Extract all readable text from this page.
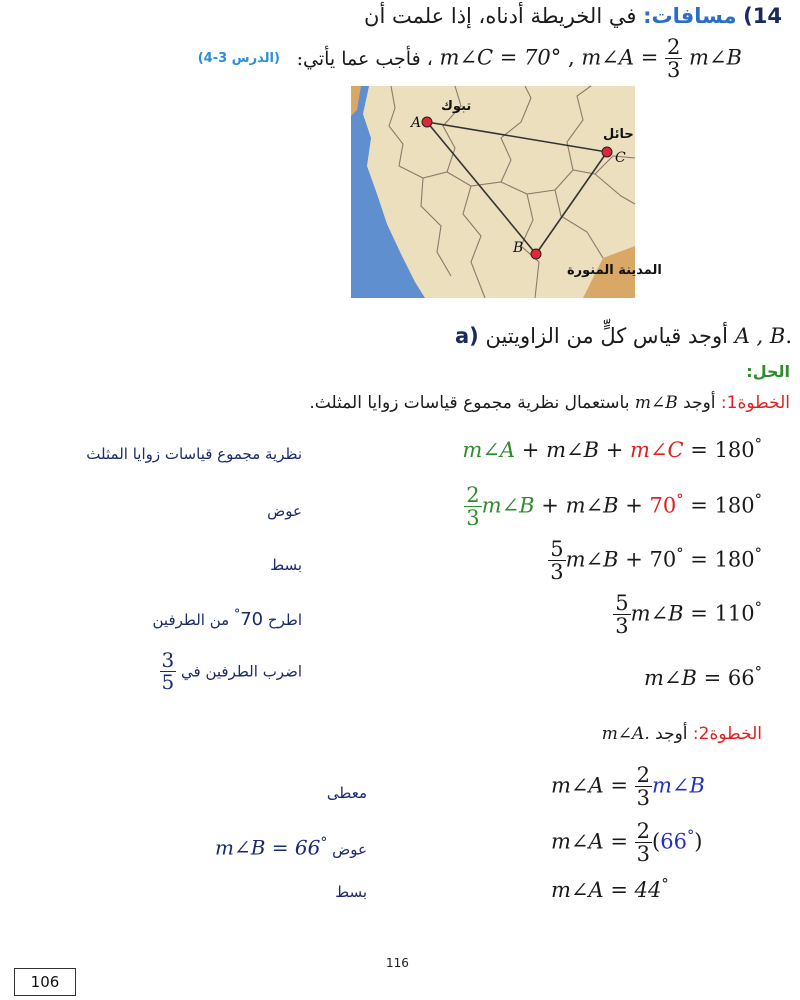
14) مسافات: في الخريطة أدناه، إذا علمت أن
(الدرس 3-4) ، فأجب عما يأتي: m∠C = 70° , m∠A = $\frac{2}{3}$ m∠B
تبوك
A
حائل
C
B
المدينة المنورة
a) أوجد قياس كلٍّ من الزاويتين A , B.
الحل:
الخطوة1: أوجد m∠B باستعمال نظرية مجموع قياسات زوايا المثلث.
m∠A + m∠B + m∠C = 180°
نظرية مجموع قياسات زوايا المثلث
$\frac{2}{3}$ m∠B + m∠B + 70° = 180°
عوض
$\frac{5}{3}$ m∠B + 70° = 180°
بسط
$\frac{5}{3}$ m∠B = 110°
اطرح °70 من الطرفين
m∠B = 66°
اضرب الطرفين في
$\frac{3}{5}$
الخطوة2: أوجد m∠A.
m∠A = $\frac{2}{3}$ m∠B
معطى
m∠A = $\frac{2}{3} (66^\circ)$
عوض m∠B = 66°
m∠A = 44°
بسط
116
106
